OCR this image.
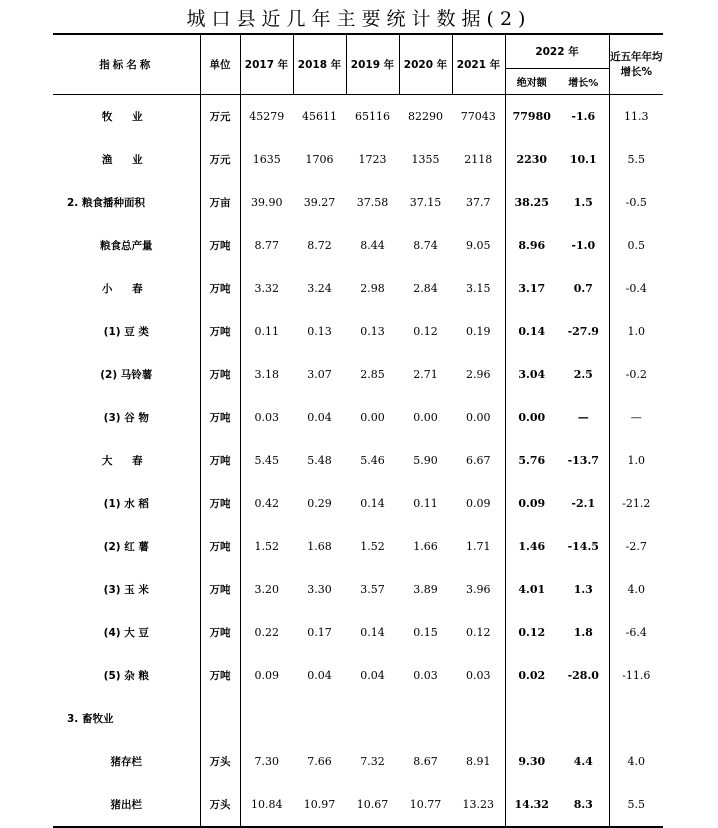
城口县近几年主要统计数据(2)
指标名称	单位	2017 年	2018 年	2019 年	2020 年	2021 年	2022 年		近五年年均增长%
							绝对额	增长%	
牧 业	万元	45279	45611	65116	82290	77043	77980	-1.6	11.3
渔 业	万元	1635	1706	1723	1355	2118	2230	10.1	5.5
2. 粮食播种面积	万亩	39.90	39.27	37.58	37.15	37.7	38.25	1.5	-0.5
粮食总产量	万吨	8.77	8.72	8.44	8.74	9.05	8.96	-1.0	0.5
小 春	万吨	3.32	3.24	2.98	2.84	3.15	3.17	0.7	-0.4
(1) 豆 类	万吨	0.11	0.13	0.13	0.12	0.19	0.14	-27.9	1.0
(2) 马铃薯	万吨	3.18	3.07	2.85	2.71	2.96	3.04	2.5	-0.2
(3) 谷 物	万吨	0.03	0.04	0.00	0.00	0.00	0.00	—	—
大 春	万吨	5.45	5.48	5.46	5.90	6.67	5.76	-13.7	1.0
(1) 水 稻	万吨	0.42	0.29	0.14	0.11	0.09	0.09	-2.1	-21.2
(2) 红 薯	万吨	1.52	1.68	1.52	1.66	1.71	1.46	-14.5	-2.7
(3) 玉 米	万吨	3.20	3.30	3.57	3.89	3.96	4.01	1.3	4.0
(4) 大 豆	万吨	0.22	0.17	0.14	0.15	0.12	0.12	1.8	-6.4
(5) 杂 粮	万吨	0.09	0.04	0.04	0.03	0.03	0.02	-28.0	-11.6
3. 畜牧业									
猪存栏	万头	7.30	7.66	7.32	8.67	8.91	9.30	4.4	4.0
猪出栏	万头	10.84	10.97	10.67	10.77	13.23	14.32	8.3	5.5
